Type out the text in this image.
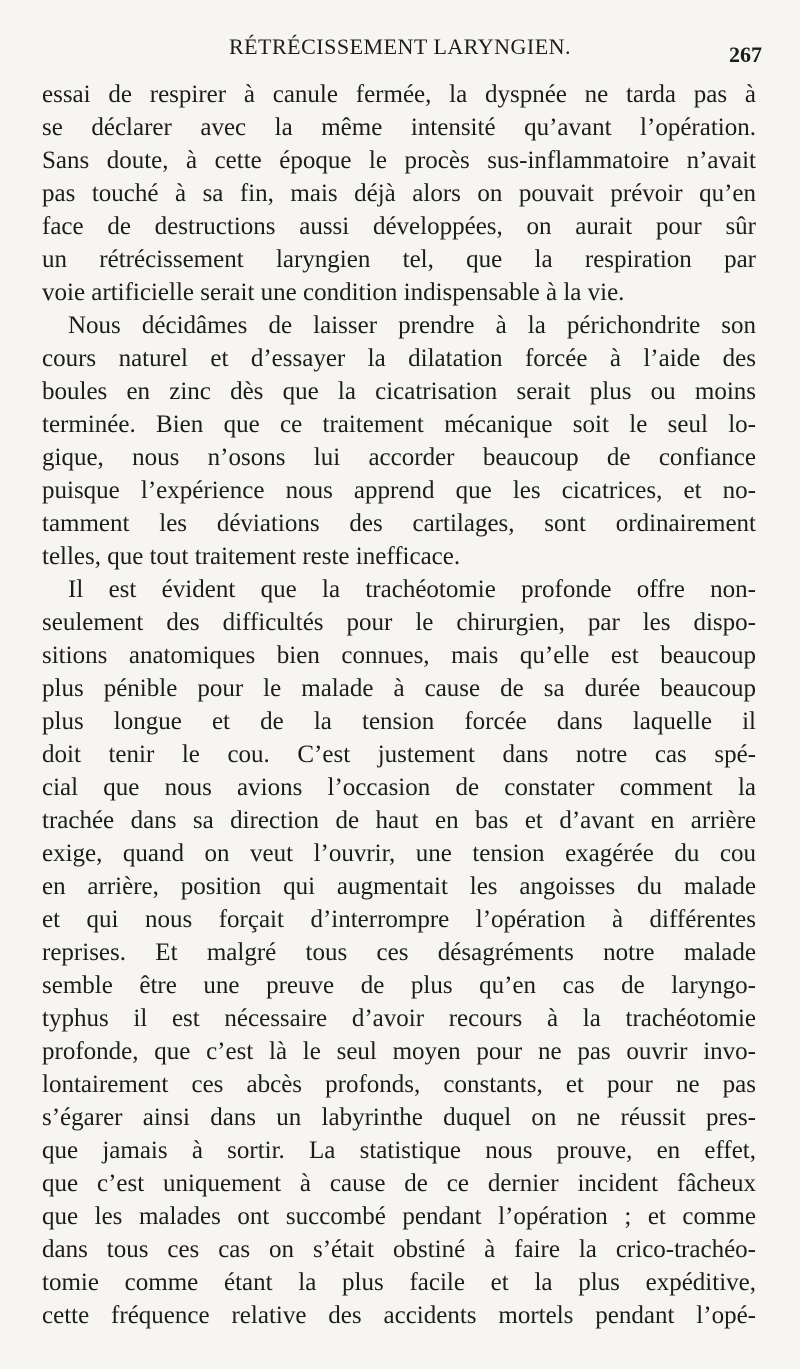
RÉTRÉCISSEMENT LARYNGIEN.	267
essai de respirer à canule fermée, la dyspnée ne tarda pas à
se déclarer avec la même intensité qu’avant l’opération.
Sans doute, à cette époque le procès sus-inflammatoire n’avait
pas touché à sa fin, mais déjà alors on pouvait prévoir qu’en
face de destructions aussi développées, on aurait pour sûr
un rétrécissement laryngien tel, que la respiration par
voie artificielle serait une condition indispensable à la vie.
Nous décidâmes de laisser prendre à la périchondrite son
cours naturel et d’essayer la dilatation forcée à l’aide des
boules en zinc dès que la cicatrisation serait plus ou moins
terminée. Bien que ce traitement mécanique soit le seul lo-
gique, nous n’osons lui accorder beaucoup de confiance
puisque l’expérience nous apprend que les cicatrices, et no-
tamment les déviations des cartilages, sont ordinairement
telles, que tout traitement reste inefficace.
Il est évident que la trachéotomie profonde offre non-
seulement des difficultés pour le chirurgien, par les dispo-
sitions anatomiques bien connues, mais qu’elle est beaucoup
plus pénible pour le malade à cause de sa durée beaucoup
plus longue et de la tension forcée dans laquelle il
doit tenir le cou. C’est justement dans notre cas spé-
cial que nous avions l’occasion de constater comment la
trachée dans sa direction de haut en bas et d’avant en arrière
exige, quand on veut l’ouvrir, une tension exagérée du cou
en arrière, position qui augmentait les angoisses du malade
et qui nous forçait d’interrompre l’opération à différentes
reprises. Et malgré tous ces désagréments notre malade
semble être une preuve de plus qu’en cas de laryngo-
typhus il est nécessaire d’avoir recours à la trachéotomie
profonde, que c’est là le seul moyen pour ne pas ouvrir invo-
lontairement ces abcès profonds, constants, et pour ne pas
s’égarer ainsi dans un labyrinthe duquel on ne réussit pres-
que jamais à sortir. La statistique nous prouve, en effet,
que c’est uniquement à cause de ce dernier incident fâcheux
que les malades ont succombé pendant l’opération ; et comme
dans tous ces cas on s’était obstiné à faire la crico-trachéo-
tomie comme étant la plus facile et la plus expéditive,
cette fréquence relative des accidents mortels pendant l’opé-
